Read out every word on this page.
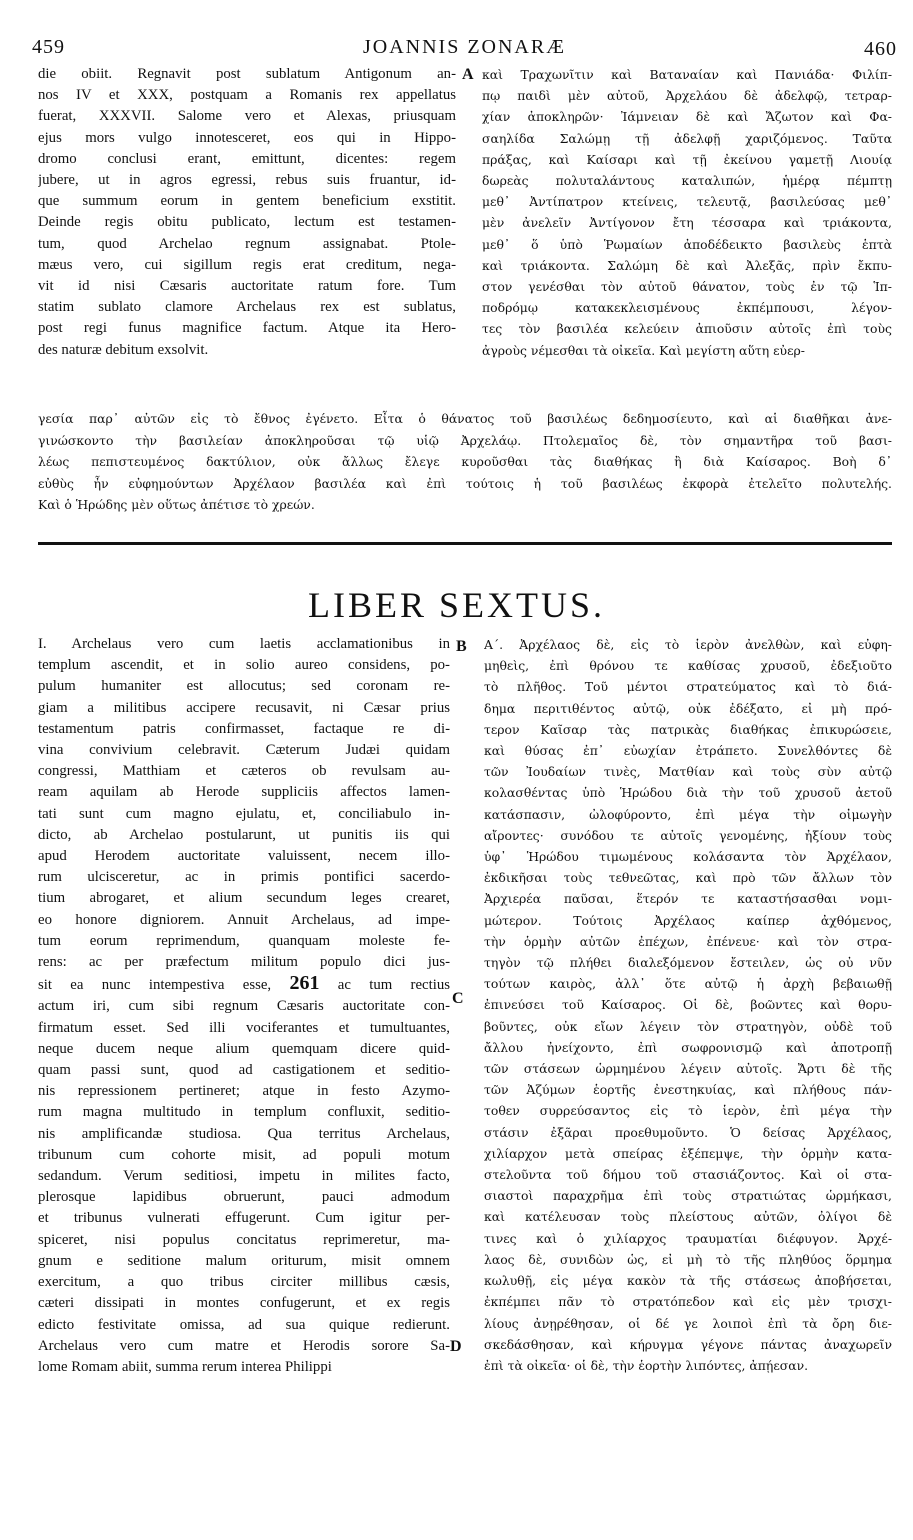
459	JOANNIS ZONARÆ	460
die obiit. Regnavit post sublatum Antigonum an-
nos IV et XXX, postquam a Romanis rex appellatus
fuerat, XXXVII. Salome vero et Alexas, priusquam
ejus mors vulgo innotesceret, eos qui in Hippo-
dromo conclusi erant, emittunt, dicentes: regem
jubere, ut in agros egressi, rebus suis fruantur, id-
que summum eorum in gentem beneficium exstitit.
Deinde regis obitu publicato, lectum est testamen-
tum, quod Archelao regnum assignabat. Ptole-
mæus vero, cui sigillum regis erat creditum, nega-
vit id nisi Cæsaris auctoritate ratum fore. Tum
statim sublato clamore Archelaus rex est sublatus,
post regi funus magnifice factum. Atque ita Hero-
des naturæ debitum exsolvit.
A καὶ Τραχωνῖτιν καὶ Βαταναίαν καὶ Πανιάδα· Φιλίπ-
πῳ παιδὶ μὲν αὐτοῦ, Ἀρχελάου δὲ ἀδελφῷ, τετραρ-
χίαν ἀποκληρῶν· Ἰάμνειαν δὲ καὶ Ἄζωτον καὶ Φα-
σαηλίδα Σαλώμῃ τῇ ἀδελφῇ χαριζόμενος. Ταῦτα
πράξας, καὶ Καίσαρι καὶ τῇ ἐκείνου γαμετῇ Λιουίᾳ
δωρεὰς πολυταλάντους καταλιπών, ἡμέρᾳ πέμπτῃ
μεθ᾽ Ἀντίπατρον κτείνεις, τελευτᾷ, βασιλεύσας μεθ᾽
μὲν ἀνελεῖν Ἀντίγονον ἔτη τέσσαρα καὶ τριάκοντα,
μεθ᾽ ὅ ὑπὸ Ῥωμαίων ἀποδέδεικτο βασιλεὺς ἑπτὰ
καὶ τριάκοντα. Σαλώμη δὲ καὶ Ἀλεξᾶς, πρὶν ἔκπυ-
στον γενέσθαι τὸν αὐτοῦ θάνατον, τοὺς ἐν τῷ Ἱπ-
ποδρόμῳ κατακεκλεισμένους ἐκπέμπουσι, λέγον-
τες τὸν βασιλέα κελεύειν ἀπιοῦσιν αὐτοῖς ἐπὶ τοὺς
ἀγροὺς νέμεσθαι τὰ οἰκεῖα. Καὶ μεγίστη αὕτη εὐερ-
γεσία παρ᾽ αὐτῶν εἰς τὸ ἔθνος ἐγένετο. Εἶτα ὁ θάνατος τοῦ βασιλέως δεδημοσίευτο, καὶ αἱ διαθῆκαι ἀνε-
γινώσκοντο τὴν βασιλείαν ἀποκληροῦσαι τῷ υἱῷ Ἀρχελάῳ. Πτολεμαῖος δὲ, τὸν σημαντῆρα τοῦ βασι-
λέως πεπιστευμένος δακτύλιον, οὐκ ἄλλως ἔλεγε κυροῦσθαι τὰς διαθήκας ἢ διὰ Καίσαρος. Βοὴ δ᾽
εὐθὺς ἦν εὐφημούντων Ἀρχέλαον βασιλέα καὶ ἐπὶ τούτοις ἡ τοῦ βασιλέως ἐκφορὰ ἐτελεῖτο πολυτελής.
Καὶ ὁ Ἡρώδης μὲν οὕτως ἀπέτισε τὸ χρεών.
LIBER SEXTUS.
I. Archelaus vero cum laetis acclamationibus in
templum ascendit, et in solio aureo considens, po-
pulum humaniter est allocutus; sed coronam re-
giam a militibus accipere recusavit, ni Cæsar prius
testamentum patris confirmasset, factaque re di-
vina convivium celebravit. Cæterum Judæi quidam
congressi, Matthiam et cæteros ob revulsam au-
ream aquilam ab Herode suppliciis affectos lamen-
tati sunt cum magno ejulatu, et, conciliabulo in-
dicto, ab Archelao postularunt, ut punitis iis qui
apud Herodem auctoritate valuissent, necem illo-
rum ulcisceretur, ac in primis pontifici sacerdo-
tium abrogaret, et alium secundum leges crearet,
eo honore digniorem. Annuit Archelaus, ad impe-
tum eorum reprimendum, quanquam moleste fe-
rens: ac per præfectum militum populo dici jus-
sit ea nunc intempestiva esse, 261 ac tum rectius
actum iri, cum sibi regnum Cæsaris auctoritate con-
firmatum esset. Sed illi vociferantes et tumultuantes,
neque ducem neque alium quemquam dicere quid-
quam passi sunt, quod ad castigationem et seditio-
nis repressionem pertineret; atque in festo Azymo-
rum magna multitudo in templum confluxit, seditio-
nis amplificandæ studiosa. Qua territus Archelaus,
tribunum cum cohorte misit, ad populi motum
sedandum. Verum seditiosi, impetu in milites facto,
plerosque lapidibus obruerunt, pauci admodum
et tribunus vulnerati effugerunt. Cum igitur per-
spiceret, nisi populus concitatus reprimeretur, ma-
gnum e seditione malum oriturum, misit omnem
exercitum, a quo tribus circiter millibus cæsis,
cæteri dissipati in montes confugerunt, et ex regis
edicto festivitate omissa, ad sua quique redierunt.
Archelaus vero cum matre et Herodis sorore Sa-
lome Romam abiit, summa rerum interea Philippi
B
C
D
Α΄. Ἀρχέλαος δὲ, εἰς τὸ ἱερὸν ἀνελθὼν, καὶ εὐφη-
μηθεὶς, ἐπὶ θρόνου τε καθίσας χρυσοῦ, ἐδεξιοῦτο
τὸ πλῆθος. Τοῦ μέντοι στρατεύματος καὶ τὸ διά-
δημα περιτιθέντος αὐτῷ, οὐκ ἐδέξατο, εἰ μὴ πρό-
τερον Καῖσαρ τὰς πατρικὰς διαθήκας ἐπικυρώσειε,
καὶ θύσας ἐπ᾽ εὐωχίαν ἐτράπετο. Συνελθόντες δὲ
τῶν Ἰουδαίων τινὲς, Ματθίαν καὶ τοὺς σὺν αὐτῷ
κολασθέντας ὑπὸ Ἡρώδου διὰ τὴν τοῦ χρυσοῦ ἀετοῦ
κατάσπασιν, ὠλοφύροντο, ἐπὶ μέγα τὴν οἰμωγὴν
αἴροντες· συνόδου τε αὐτοῖς γενομένης, ἠξίουν τοὺς
ὑφ᾽ Ἡρώδου τιμωμένους κολάσαντα τὸν Ἀρχέλαον,
ἐκδικῆσαι τοὺς τεθνεῶτας, καὶ πρὸ τῶν ἄλλων τὸν
Ἀρχιερέα παῦσαι, ἕτερόν τε καταστήσασθαι νομι-
μώτερον. Τούτοις Ἀρχέλαος καίπερ ἀχθόμενος,
τὴν ὁρμὴν αὐτῶν ἐπέχων, ἐπένευε· καὶ τὸν στρα-
τηγὸν τῷ πλήθει διαλεξόμενον ἔστειλεν, ὡς οὐ νῦν
τούτων καιρὸς, ἀλλ᾽ ὅτε αὐτῷ ἡ ἀρχὴ βεβαιωθῇ
ἐπινεύσει τοῦ Καίσαρος. Οἱ δὲ, βοῶντες καὶ θορυ-
βοῦντες, οὐκ εἴων λέγειν τὸν στρατηγὸν, οὐδὲ τοῦ
ἄλλου ἠνείχοντο, ἐπὶ σωφρονισμῷ καὶ ἀποτροπῇ
τῶν στάσεων ὡρμημένου λέγειν αὐτοῖς. Ἄρτι δὲ τῆς
τῶν Ἀζύμων ἑορτῆς ἐνεστηκυίας, καὶ πλήθους πάν-
τοθεν συρρεύσαντος εἰς τὸ ἱερὸν, ἐπὶ μέγα τὴν
στάσιν ἐξᾶραι προεθυμοῦντο. Ὁ δείσας Ἀρχέλαος,
χιλίαρχον μετὰ σπείρας ἐξέπεμψε, τὴν ὁρμὴν κατα-
στελοῦντα τοῦ δήμου τοῦ στασιάζοντος. Καὶ οἱ στα-
σιαστοὶ παραχρῆμα ἐπὶ τοὺς στρατιώτας ὡρμήκασι,
καὶ κατέλευσαν τοὺς πλείστους αὐτῶν, ὀλίγοι δὲ
τινες καὶ ὁ χιλίαρχος τραυματίαι διέφυγον. Ἀρχέ-
λαος δὲ, συνιδὼν ὡς, εἰ μὴ τὸ τῆς πληθύος ὅρμημα
κωλυθῇ, εἰς μέγα κακὸν τὰ τῆς στάσεως ἀποβήσεται,
ἐκπέμπει πᾶν τὸ στρατόπεδον καὶ εἰς μὲν τρισχι-
λίους ἀνῃρέθησαν, οἱ δέ γε λοιποὶ ἐπὶ τὰ ὄρη διε-
σκεδάσθησαν, καὶ κήρυγμα γέγονε πάντας ἀναχωρεῖν
ἐπὶ τὰ οἰκεῖα· οἱ δὲ, τὴν ἑορτὴν λιπόντες, ἀπῄεσαν.
